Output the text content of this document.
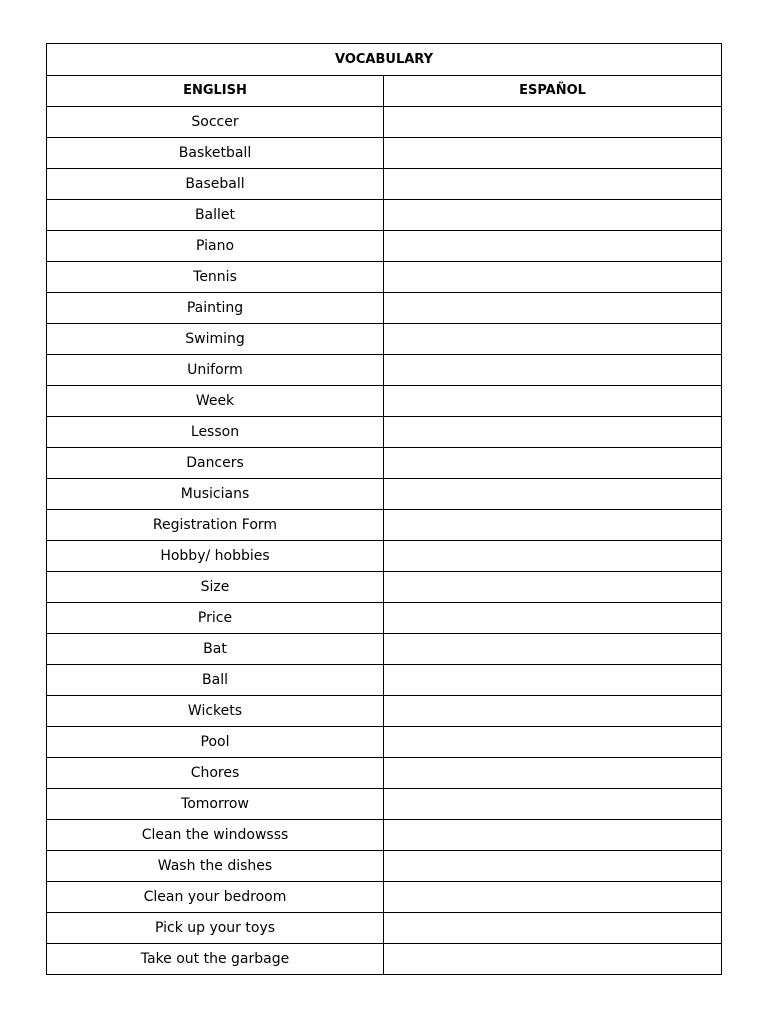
VOCABULARY	
ENGLISH	ESPAÑOL
Soccer	
Basketball	
Baseball	
Ballet	
Piano	
Tennis	
Painting	
Swiming	
Uniform	
Week	
Lesson	
Dancers	
Musicians	
Registration Form	
Hobby/ hobbies	
Size	
Price	
Bat	
Ball	
Wickets	
Pool	
Chores	
Tomorrow	
Clean the windowsss	
Wash the dishes	
Clean your bedroom	
Pick up your toys	
Take out the garbage	
